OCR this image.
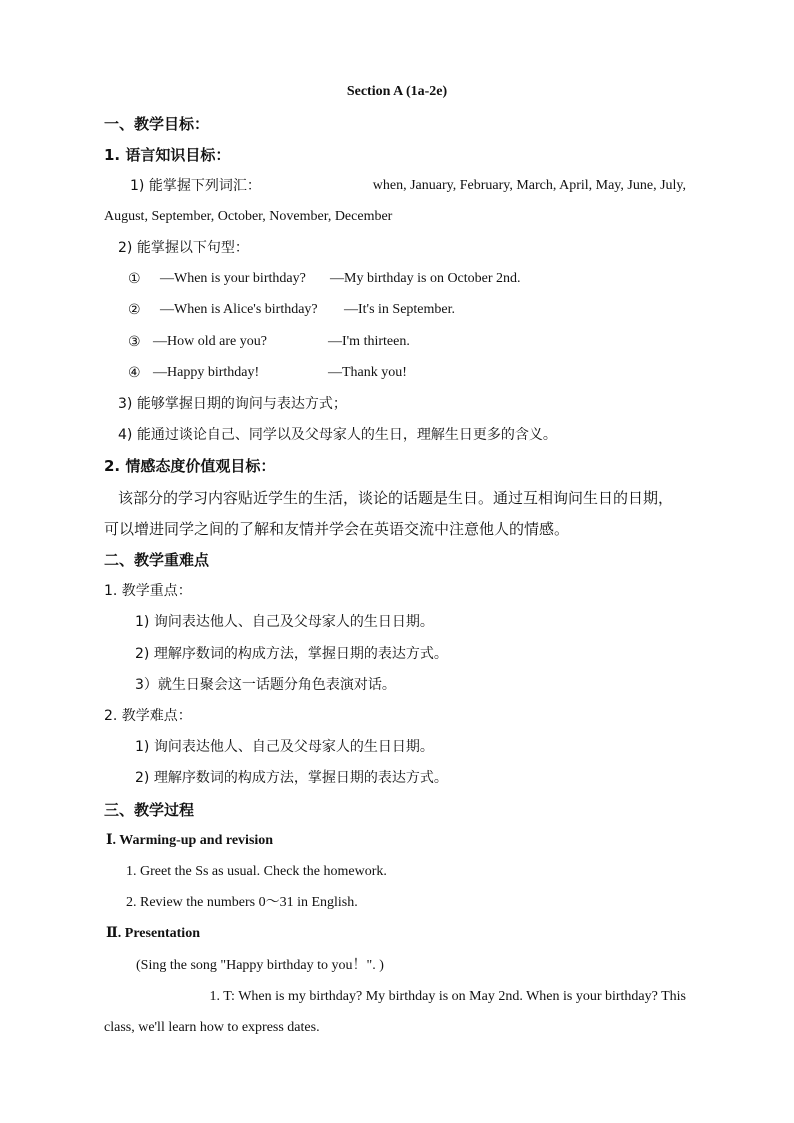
Section A (1a-2e)
一、教学目标：
1. 语言知识目标：
1) 能掌握下列词汇：	when, January, February, March, April, May, June, July,
August, September, October, November, December
2) 能掌握以下句型：
① —When is your birthday? —My birthday is on October 2nd.
② —When is Alice's birthday? —It's in September.
③ —How old are you?	—I'm thirteen.
④ —Happy birthday!	—Thank you!
3) 能够掌握日期的询问与表达方式；
4) 能通过谈论自己、同学以及父母家人的生日，理解生日更多的含义。
2. 情感态度价值观目标：
该部分的学习内容贴近学生的生活，谈论的话题是生日。通过互相询问生日的日期，
可以增进同学之间的了解和友情并学会在英语交流中注意他人的情感。
二、教学重难点
1. 教学重点：
1) 询问表达他人、自己及父母家人的生日日期。
2) 理解序数词的构成方法，掌握日期的表达方式。
3）就生日聚会这一话题分角色表演对话。
2. 教学难点：
1) 询问表达他人、自己及父母家人的生日日期。
2) 理解序数词的构成方法，掌握日期的表达方式。
三、教学过程
Ⅰ. Warming-up and revision
1. Greet the Ss as usual. Check the homework.
2. Review the numbers 0～31 in English.
Ⅱ. Presentation
(Sing the song "Happy birthday to you！". )
1. T: When is my birthday? My birthday is on May 2nd. When is your birthday? This
class, we'll learn how to express dates.
